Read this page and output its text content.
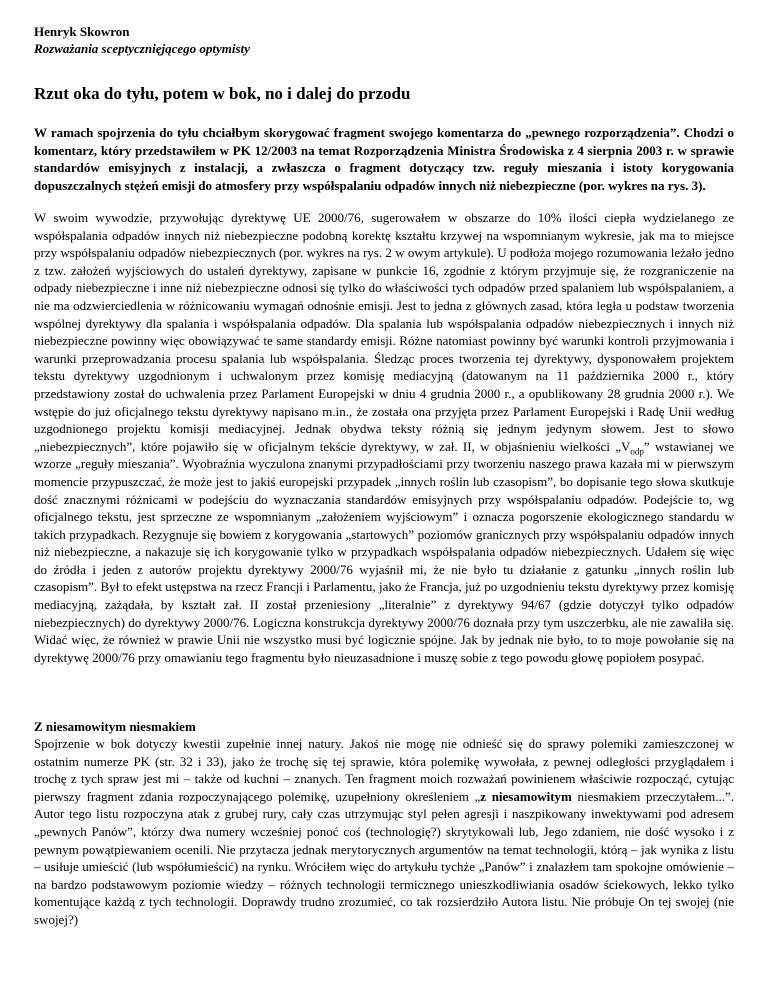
Henryk Skowron
Rozważania sceptycznięjącego optymisty
Rzut oka do tyłu, potem w bok, no i dalej do przodu

W ramach spojrzenia do tyłu chciałbym skorygować fragment swojego komentarza do „pewnego rozporządzenia”. Chodzi o komentarz, który przedstawiłem w PK 12/2003 na temat Rozporządzenia Ministra Środowiska z 4 sierpnia 2003 r. w sprawie standardów emisyjnych z instalacji, a zwłaszcza o fragment dotyczący tzw. reguły mieszania i istoty korygowania dopuszczalnych stężeń emisji do atmosfery przy współspalaniu odpadów innych niż niebezpieczne (por. wykres na rys. 3).

W swoim wywodzie, przywołując dyrektywę UE 2000/76, sugerowałem w obszarze do 10% ilości ciepła wydzielanego ze współspalania odpadów innych niż niebezpieczne podobną korektę kształtu krzywej na wspomnianym wykresie, jak ma to miejsce przy współspalaniu odpadów niebezpiecznych (por. wykres na rys. 2 w owym artykule). U podłoża mojego rozumowania leżało jedno z tzw. założeń wyjściowych do ustaleń dyrektywy, zapisane w punkcie 16, zgodnie z którym przyjmuje się, że rozgraniczenie na odpady niebezpieczne i inne niż niebezpieczne odnosi się tylko do właściwości tych odpadów przed spalaniem lub współspalaniem, a nie ma odzwierciedlenia w różnicowaniu wymagań odnośnie emisji. Jest to jedna z głównych zasad, która legła u podstaw tworzenia wspólnej dyrektywy dla spalania i współspalania odpadów. Dla spalania lub współspalania odpadów niebezpiecznych i innych niż niebezpieczne powinny więc obowiązywać te same standardy emisji. Różne natomiast powinny być warunki kontroli przyjmowania i warunki przeprowadzania procesu spalania lub współspalania. Śledząc proces tworzenia tej dyrektywy, dysponowałem projektem tekstu dyrektywy uzgodnionym i uchwalonym przez komisję mediacyjną (datowanym na 11 października 2000 r., który przedstawiony został do uchwalenia przez Parlament Europejski w dniu 4 grudnia 2000 r., a opublikowany 28 grudnia 2000 r.). We wstępie do już oficjalnego tekstu dyrektywy napisano m.in., że została ona przyjęta przez Parlament Europejski i Radę Unii według uzgodnionego projektu komisji mediacyjnej. Jednak obydwa teksty różnią się jednym jedynym słowem. Jest to słowo „niebezpiecznych”, które pojawiło się w oficjalnym tekście dyrektywy, w zał. II, w objaśnieniu wielkości $„V_{odp}$” wstawianej we wzorze „reguły mieszania”. Wyobraźnia wyczulona znanymi przypadłościami przy tworzeniu naszego prawa kazała mi w pierwszym momencie przypuszczać, że może jest to jakiś europejski przypadek „innych roślin lub czasopism”, bo dopisanie tego słowa skutkuje dość znacznymi różnicami w podejściu do wyznaczania standardów emisyjnych przy współspalaniu odpadów. Podejście to, wg oficjalnego tekstu, jest sprzeczne ze wspomnianym „założeniem wyjściowym” i oznacza pogorszenie ekologicznego standardu w takich przypadkach. Rezygnuje się bowiem z korygowania „startowych” poziomów granicznych przy współspalaniu odpadów innych niż niebezpieczne, a nakazuje się ich korygowanie tylko w przypadkach współspalania odpadów niebezpiecznych. Udałem się więc do źródła i jeden z autorów projektu dyrektywy 2000/76 wyjaśnił mi, że nie było tu działanie z gatunku „innych roślin lub czasopism”. Był to efekt ustępstwa na rzecz Francji i Parlamentu, jako że Francja, już po uzgodnieniu tekstu dyrektywy przez komisję mediacyjną, zażądała, by kształt zał. II został przeniesiony „literalnie” z dyrektywy 94/67 (gdzie dotyczył tylko odpadów niebezpiecznych) do dyrektywy 2000/76. Logiczna konstrukcja dyrektywy 2000/76 doznała przy tym uszczerbku, ale nie zawaliła się. Widać więc, że również w prawie Unii nie wszystko musi być logicznie spójne. Jak by jednak nie było, to to moje powołanie się na dyrektywę 2000/76 przy omawianiu tego fragmentu było nieuzasadnione i muszę sobie z tego powodu głowę popiołem posypać.

Z niesamowitym niesmakiem

Spojrzenie w bok dotyczy kwestii zupełnie innej natury. Jakoś nie mogę nie odnieść się do sprawy polemiki zamieszczonej w ostatnim numerze PK (str. 32 i 33), jako że trochę się tej sprawie, która polemikę wywołała, z pewnej odległości przyglądałem i trochę z tych spraw jest mi – także od kuchni – znanych. Ten fragment moich rozważań powinienem właściwie rozpocząć, cytując pierwszy fragment zdania rozpoczynającego polemikę, uzupełniony określeniem „z niesamowitym niesmakiem przeczytałem...”. Autor tego listu rozpoczyna atak z grubej rury, cały czas utrzymując styl pełen agresji i naszpikowany inwektywami pod adresem „pewnych Panów”, którzy dwa numery wcześniej ponoć coś (technologię?) skrytykowali lub, Jego zdaniem, nie dość wysoko i z pewnym powątpiewaniem ocenili. Nie przytacza jednak merytorycznych argumentów na temat technologii, którą – jak wynika z listu – usiłuje umieścić (lub współumieścić) na rynku. Wróciłem więc do artykułu tychże „Panów” i znalazłem tam spokojne omówienie – na bardzo podstawowym poziomie wiedzy – różnych technologii termicznego unieszkodliwiania osadów ściekowych, lekko tylko komentujące każdą z tych technologii. Doprawdy trudno zrozumieć, co tak rozsierdziło Autora listu. Nie próbuje On tej swojej (nie swojej?)
